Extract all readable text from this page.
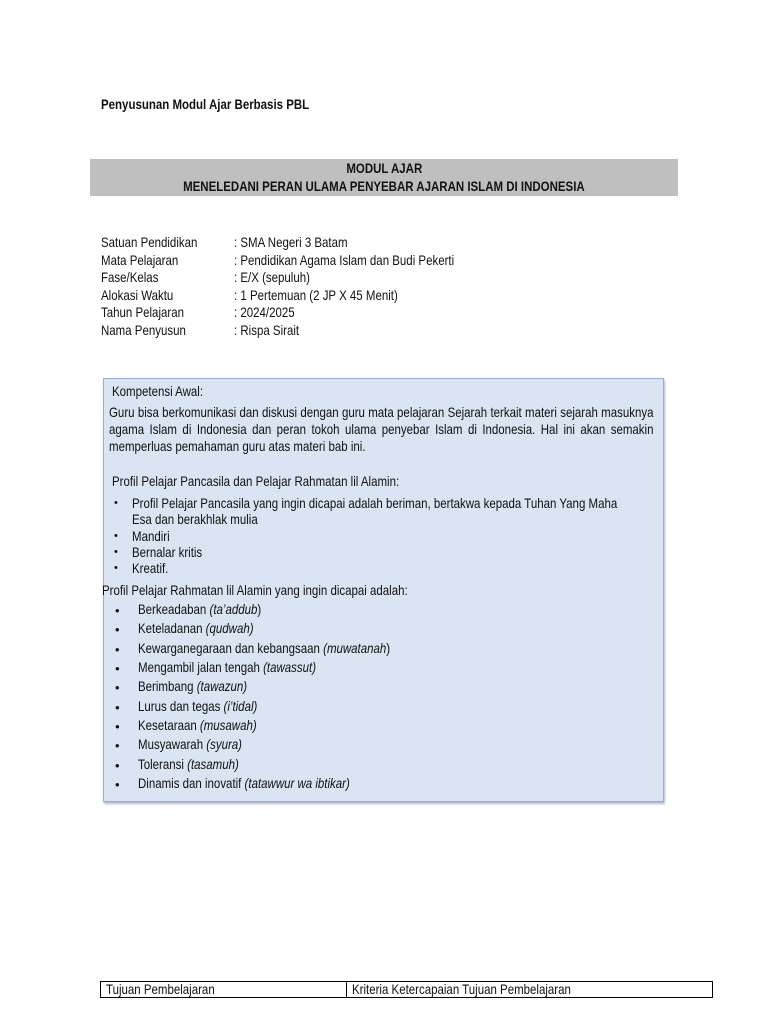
Penyusunan Modul Ajar Berbasis PBL
MODUL AJAR
MENELEDANI PERAN ULAMA PENYEBAR AJARAN ISLAM DI INDONESIA
Satuan Pendidikan	: SMA Negeri 3 Batam
Mata Pelajaran	: Pendidikan Agama Islam dan Budi Pekerti
Fase/Kelas	: E/X (sepuluh)
Alokasi Waktu	: 1 Pertemuan (2 JP X 45 Menit)
Tahun Pelajaran	: 2024/2025
Nama Penyusun	: Rispa Sirait
Kompetensi Awal:
Guru bisa berkomunikasi dan diskusi dengan guru mata pelajaran Sejarah terkait materi sejarah masuknya agama Islam di Indonesia dan peran tokoh ulama penyebar Islam di Indonesia. Hal ini akan semakin memperluas pemahaman guru atas materi bab ini.
Profil Pelajar Pancasila dan Pelajar Rahmatan lil Alamin:
• Profil Pelajar Pancasila yang ingin dicapai adalah beriman, bertakwa kepada Tuhan Yang Maha
Esa dan berakhlak mulia
• Mandiri
• Bernalar kritis
• Kreatif.
Profil Pelajar Rahmatan lil Alamin yang ingin dicapai adalah:
• Berkeadaban (ta’addub)
• Keteladanan (qudwah)
• Kewarganegaraan dan kebangsaan (muwatanah)
• Mengambil jalan tengah (tawassut)
• Berimbang (tawazun)
• Lurus dan tegas (i’tidal)
• Kesetaraan (musawah)
• Musyawarah (syura)
• Toleransi (tasamuh)
• Dinamis dan inovatif (tatawwur wa ibtikar)
Tujuan Pembelajaran	Kriteria Ketercapaian Tujuan Pembelajaran
